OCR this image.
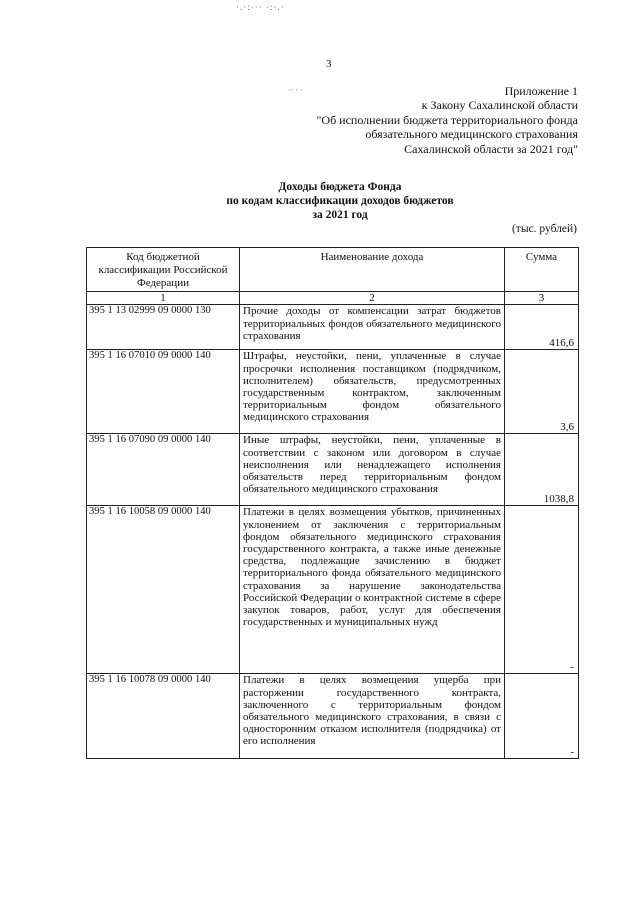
·.·:··· ·:·.·
·· · ·
3
Приложение 1
к Закону Сахалинской области
"Об исполнении бюджета территориального фонда
обязательного медицинского страхования
Сахалинской области за 2021 год"
Доходы бюджета Фонда
по кодам классификации доходов бюджетов
за 2021 год
(тыс. рублей)
Код бюджетной классификации Российской Федерации	Наименование дохода	Сумма
1	2	3
395 1 13 02999 09 0000 130	Прочие доходы от компенсации затрат бюджетов территориальных фондов обязательного медицинского страхования	416,6
395 1 16 07010 09 0000 140	Штрафы, неустойки, пени, уплаченные в случае просрочки исполнения поставщиком (подрядчиком, исполнителем) обязательств, предусмотренных государственным контрактом, заключенным территориальным фондом обязательного медицинского страхования	3,6
395 1 16 07090 09 0000 140	Иные штрафы, неустойки, пени, уплаченные в соответствии с законом или договором в случае неисполнения или ненадлежащего исполнения обязательств перед территориальным фондом обязательного медицинского страхования	1038,8
395 1 16 10058 09 0000 140	Платежи в целях возмещения убытков, причиненных уклонением от заключения с территориальным фондом обязательного медицинского страхования государственного контракта, а также иные денежные средства, подлежащие зачислению в бюджет территориального фонда обязательного медицинского страхования за нарушение законодательства Российской Федерации о контрактной системе в сфере закупок товаров, работ, услуг для обеспечения государственных и муниципальных нужд	-
395 1 16 10078 09 0000 140	Платежи в целях возмещения ущерба при расторжении государственного контракта, заключенного с территориальным фондом обязательного медицинского страхования, в связи с односторонним отказом исполнителя (подрядчика) от его исполнения	-
